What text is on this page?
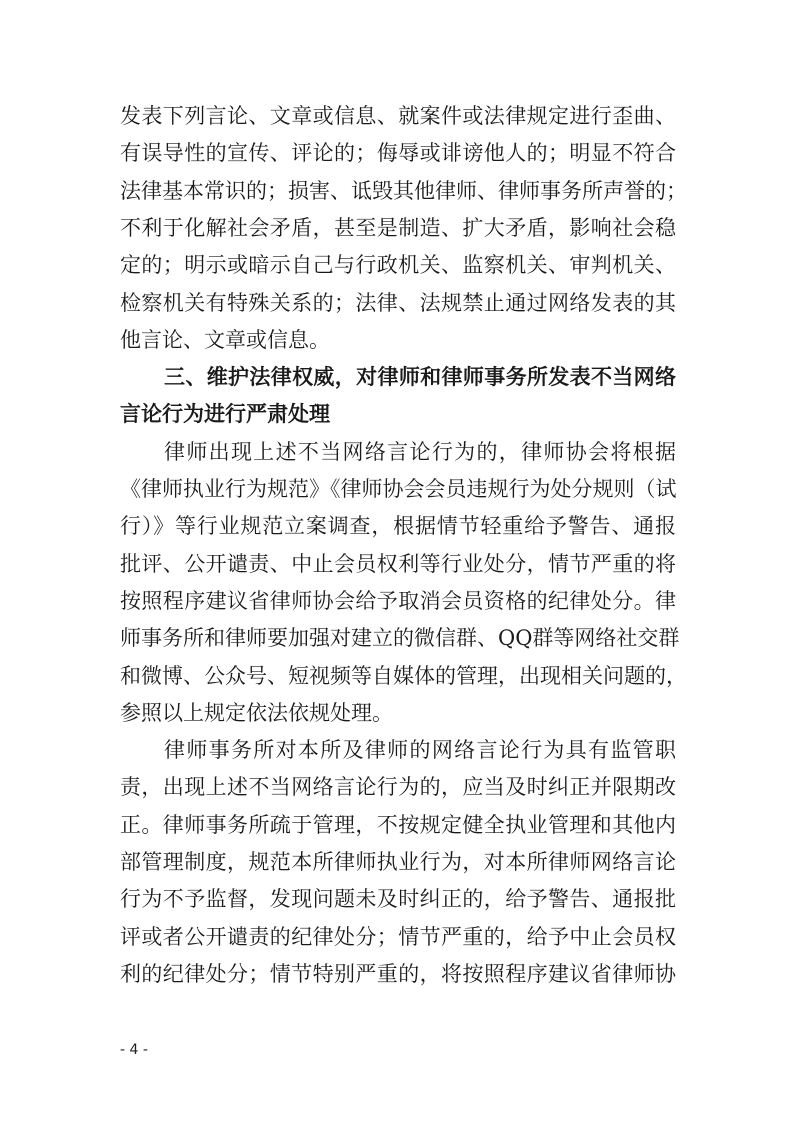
发表下列言论、文章或信息、就案件或法律规定进行歪曲、
有误导性的宣传、评论的；侮辱或诽谤他人的；明显不符合
法律基本常识的；损害、诋毁其他律师、律师事务所声誉的；
不利于化解社会矛盾，甚至是制造、扩大矛盾，影响社会稳
定的；明示或暗示自己与行政机关、监察机关、审判机关、
检察机关有特殊关系的；法律、法规禁止通过网络发表的其
他言论、文章或信息。
三、维护法律权威，对律师和律师事务所发表不当网络
言论行为进行严肃处理
律师出现上述不当网络言论行为的，律师协会将根据
《律师执业行为规范》《律师协会会员违规行为处分规则（试
行）》等行业规范立案调查，根据情节轻重给予警告、通报
批评、公开谴责、中止会员权利等行业处分，情节严重的将
按照程序建议省律师协会给予取消会员资格的纪律处分。律
师事务所和律师要加强对建立的微信群、QQ群等网络社交群
和微博、公众号、短视频等自媒体的管理，出现相关问题的，
参照以上规定依法依规处理。
律师事务所对本所及律师的网络言论行为具有监管职
责，出现上述不当网络言论行为的，应当及时纠正并限期改
正。律师事务所疏于管理，不按规定健全执业管理和其他内
部管理制度，规范本所律师执业行为，对本所律师网络言论
行为不予监督，发现问题未及时纠正的，给予警告、通报批
评或者公开谴责的纪律处分；情节严重的，给予中止会员权
利的纪律处分；情节特别严重的，将按照程序建议省律师协
- 4 -
